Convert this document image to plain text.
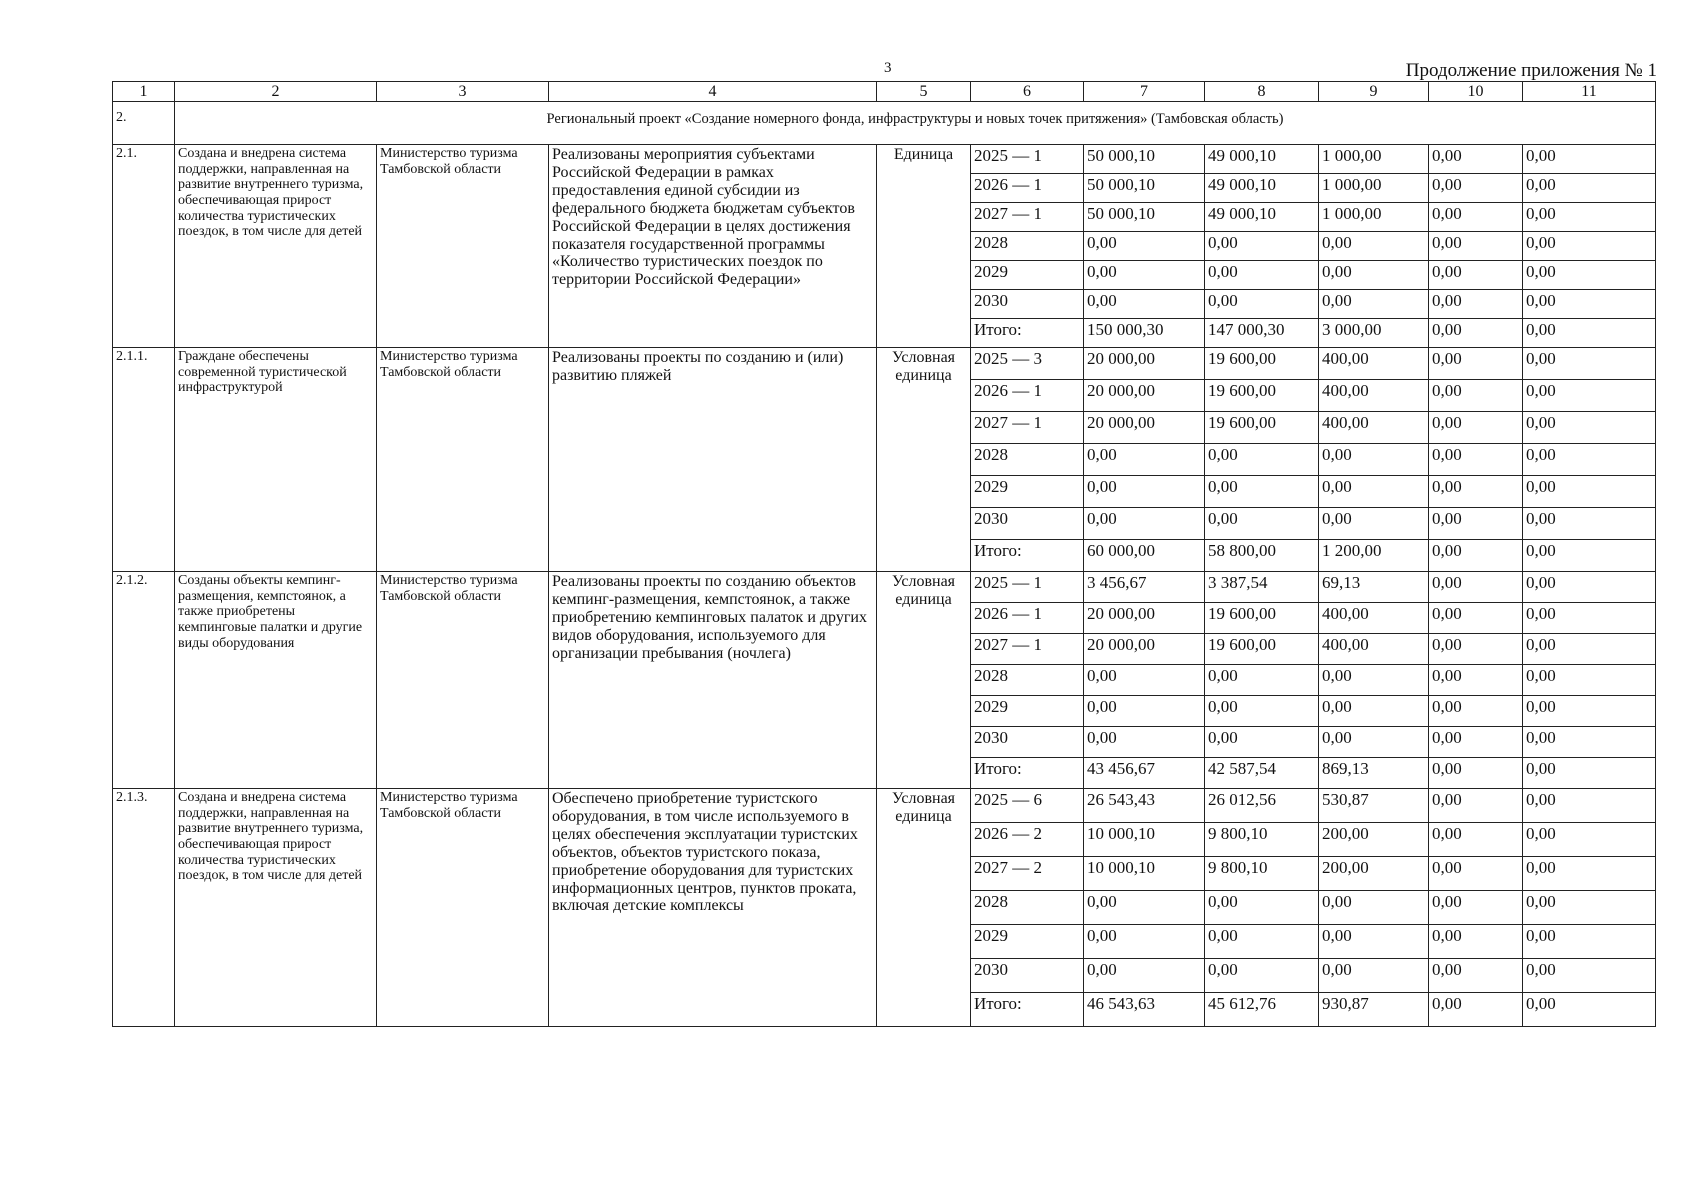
3	Продолжение приложения № 1
1	2	3	4	5	6	7	8	9	10	11
2.	Региональный проект «Создание номерного фонда, инфраструктуры и новых точек притяжения» (Тамбовская область)									
2.1.	Создана и внедрена система поддержки, направленная на развитие внутреннего туризма, обеспечивающая прирост количества туристических поездок, в том числе для детей	Министерство туризма Тамбовской области	Реализованы мероприятия субъектами Российской Федерации в рамках предоставления единой субсидии из федерального бюджета бюджетам субъектов Российской Федерации в целях достижения показателя государственной программы «Количество туристических поездок по территории Российской Федерации»	Единица	2025 — 1	50 000,10	49 000,10	1 000,00	0,00	0,00
					2026 — 1	50 000,10	49 000,10	1 000,00	0,00	0,00
					2027 — 1	50 000,10	49 000,10	1 000,00	0,00	0,00
					2028	0,00	0,00	0,00	0,00	0,00
					2029	0,00	0,00	0,00	0,00	0,00
					2030	0,00	0,00	0,00	0,00	0,00
					Итого:	150 000,30	147 000,30	3 000,00	0,00	0,00
2.1.1.	Граждане обеспечены современной туристической инфраструктурой	Министерство туризма Тамбовской области	Реализованы проекты по созданию и (или) развитию пляжей	Условная единица	2025 — 3	20 000,00	19 600,00	400,00	0,00	0,00
					2026 — 1	20 000,00	19 600,00	400,00	0,00	0,00
					2027 — 1	20 000,00	19 600,00	400,00	0,00	0,00
					2028	0,00	0,00	0,00	0,00	0,00
					2029	0,00	0,00	0,00	0,00	0,00
					2030	0,00	0,00	0,00	0,00	0,00
					Итого:	60 000,00	58 800,00	1 200,00	0,00	0,00
2.1.2.	Созданы объекты кемпинг-размещения, кемпстоянок, а также приобретены кемпинговые палатки и другие виды оборудования	Министерство туризма Тамбовской области	Реализованы проекты по созданию объектов кемпинг-размещения, кемпстоянок, а также приобретению кемпинговых палаток и других видов оборудования, используемого для организации пребывания (ночлега)	Условная единица	2025 — 1	3 456,67	3 387,54	69,13	0,00	0,00
					2026 — 1	20 000,00	19 600,00	400,00	0,00	0,00
					2027 — 1	20 000,00	19 600,00	400,00	0,00	0,00
					2028	0,00	0,00	0,00	0,00	0,00
					2029	0,00	0,00	0,00	0,00	0,00
					2030	0,00	0,00	0,00	0,00	0,00
					Итого:	43 456,67	42 587,54	869,13	0,00	0,00
2.1.3.	Создана и внедрена система поддержки, направленная на развитие внутреннего туризма, обеспечивающая прирост количества туристических поездок, в том числе для детей	Министерство туризма Тамбовской области	Обеспечено приобретение туристского оборудования, в том числе используемого в целях обеспечения эксплуатации туристских объектов, объектов туристского показа, приобретение оборудования для туристских информационных центров, пунктов проката, включая детские комплексы	Условная единица	2025 — 6	26 543,43	26 012,56	530,87	0,00	0,00
					2026 — 2	10 000,10	9 800,10	200,00	0,00	0,00
					2027 — 2	10 000,10	9 800,10	200,00	0,00	0,00
					2028	0,00	0,00	0,00	0,00	0,00
					2029	0,00	0,00	0,00	0,00	0,00
					2030	0,00	0,00	0,00	0,00	0,00
					Итого:	46 543,63	45 612,76	930,87	0,00	0,00
